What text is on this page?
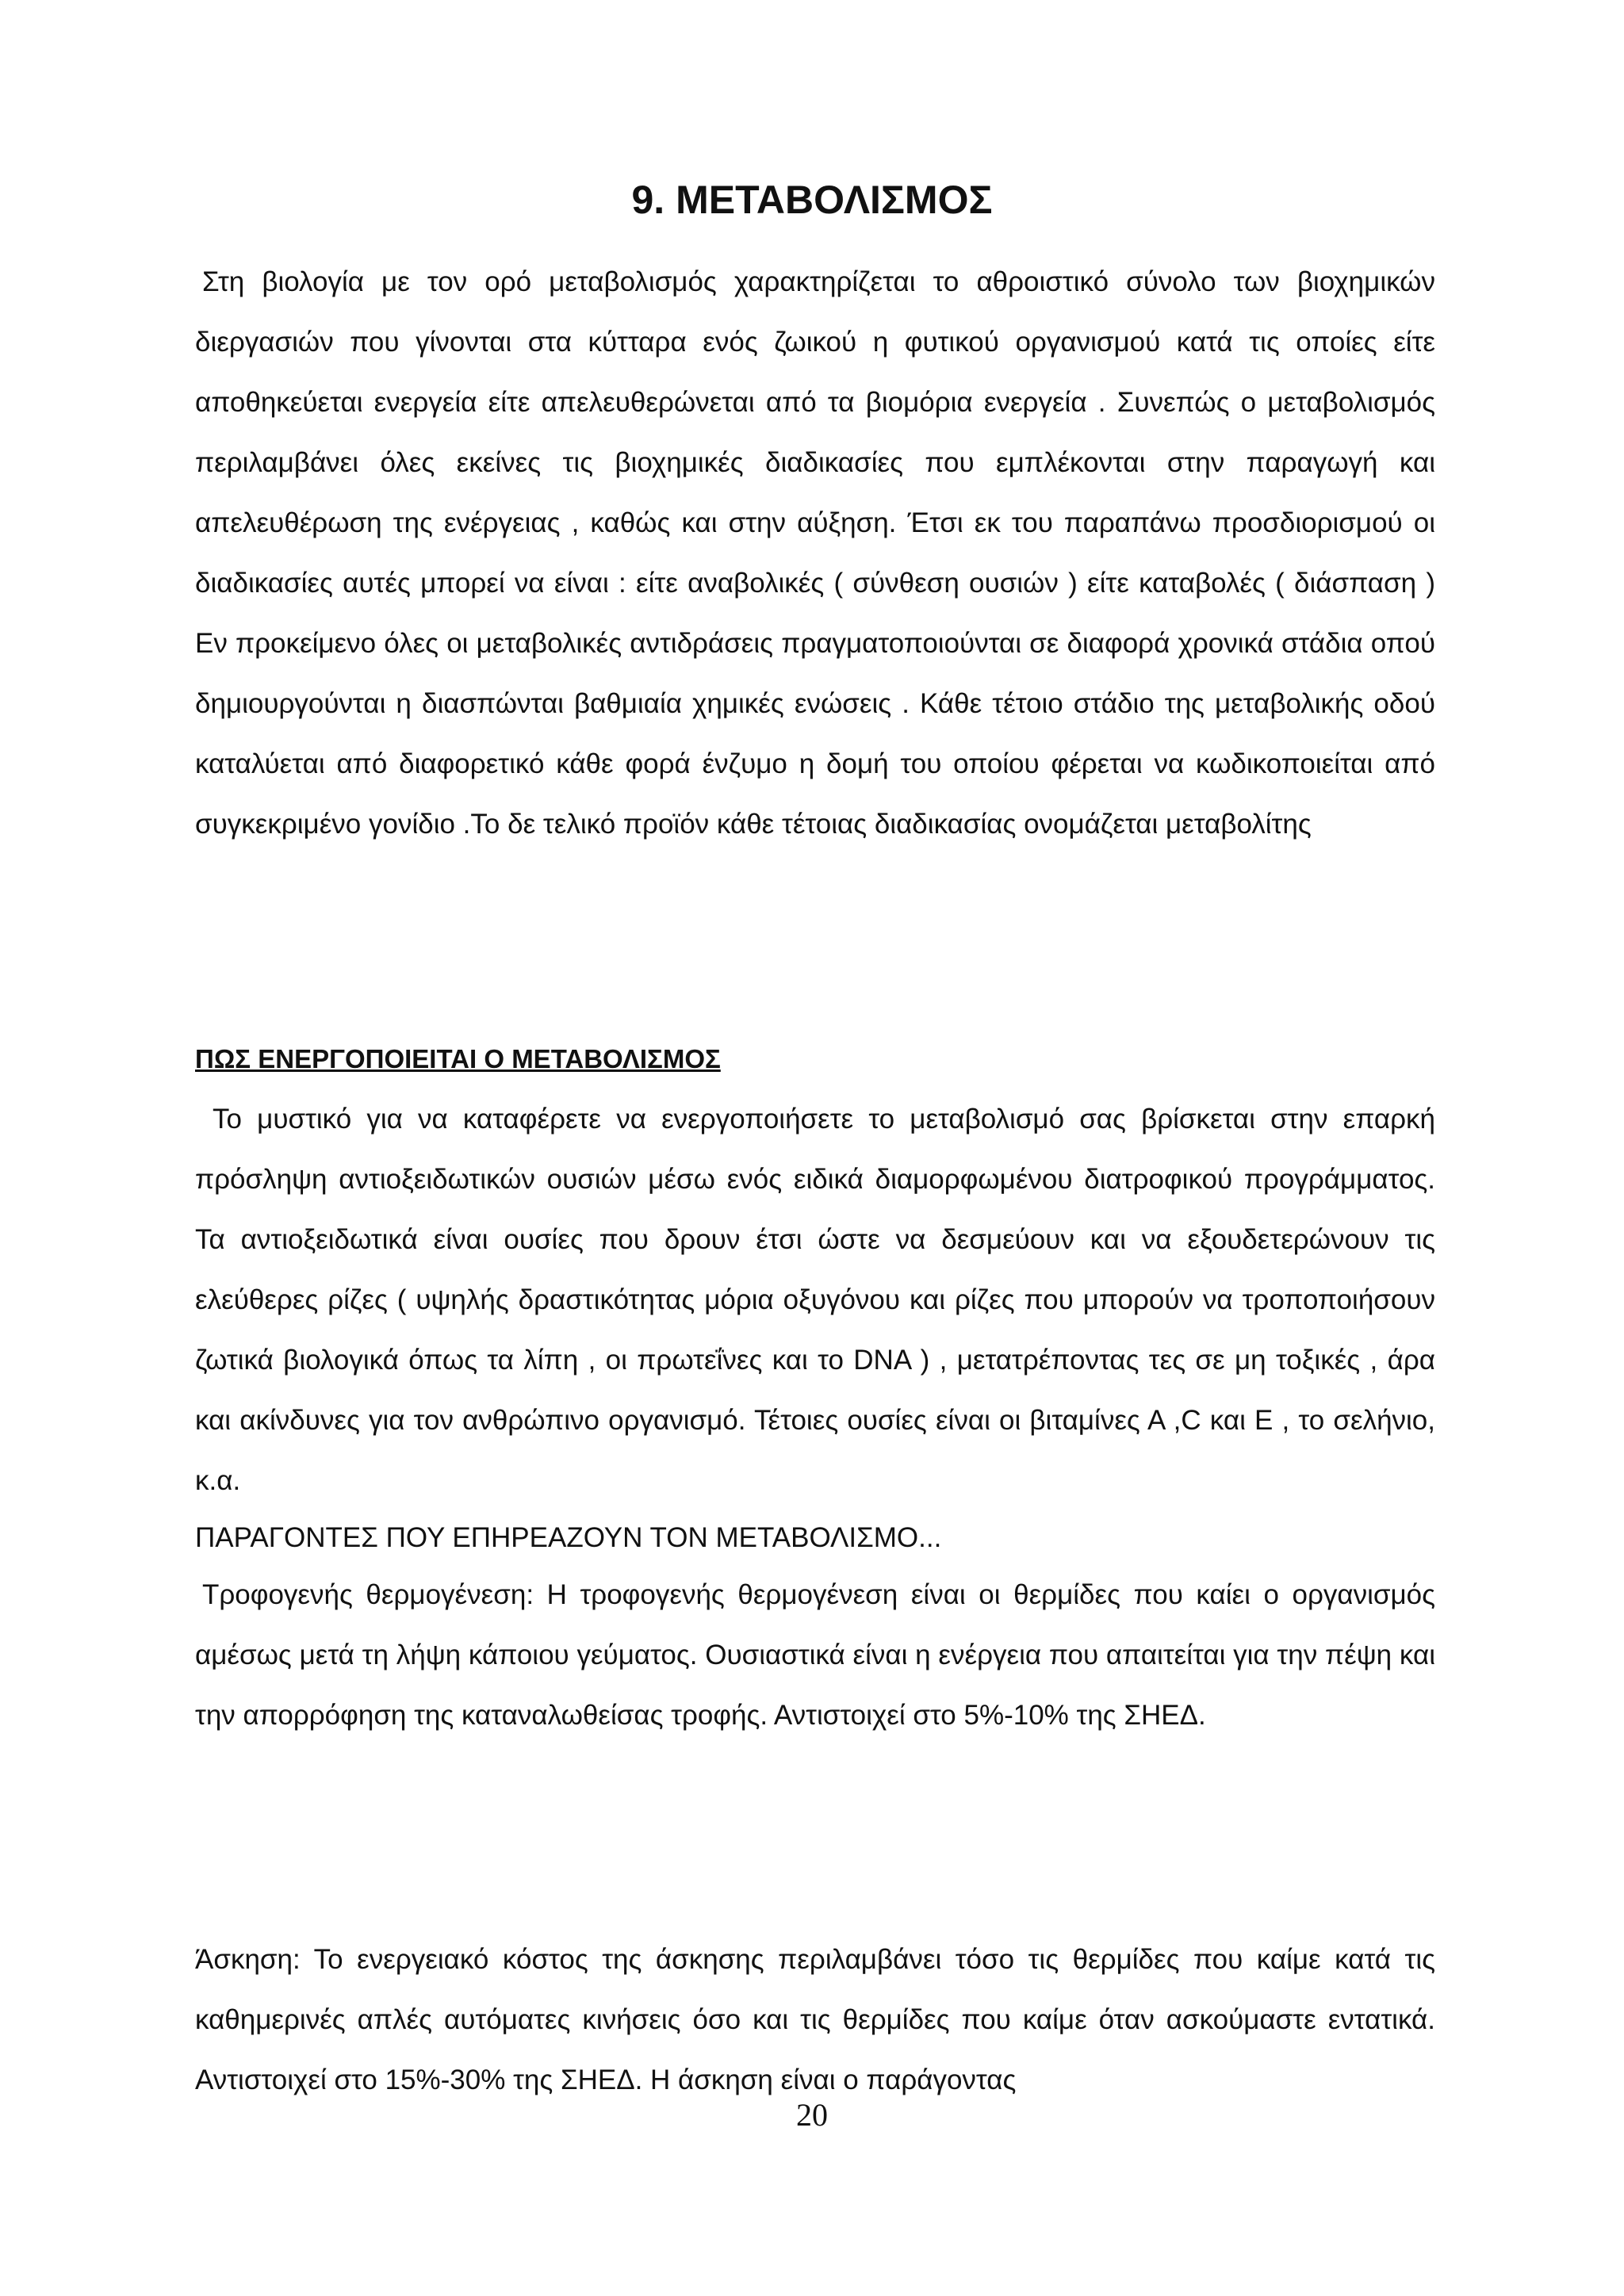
9. ΜΕΤΑΒΟΛΙΣΜΟΣ

Στη βιολογία με τον ορό μεταβολισμός χαρακτηρίζεται το αθροιστικό σύνολο των βιοχημικών διεργασιών που γίνονται στα κύτταρα ενός ζωικού η φυτικού οργανισμού κατά τις οποίες είτε αποθηκεύεται ενεργεία είτε απελευθερώνεται από τα βιομόρια ενεργεία . Συνεπώς ο μεταβολισμός περιλαμβάνει όλες εκείνες τις βιοχημικές διαδικασίες που εμπλέκονται στην παραγωγή και απελευθέρωση της ενέργειας , καθώς και στην αύξηση. Έτσι εκ του παραπάνω προσδιορισμού οι διαδικασίες αυτές μπορεί να είναι : είτε αναβολικές ( σύνθεση ουσιών ) είτε καταβολές ( διάσπαση ) Εν προκείμενο όλες οι μεταβολικές αντιδράσεις πραγματοποιούνται σε διαφορά χρονικά στάδια οπού δημιουργούνται η διασπώνται βαθμιαία χημικές ενώσεις . Κάθε τέτοιο στάδιο της μεταβολικής οδού καταλύεται από διαφορετικό κάθε φορά ένζυμο η δομή του οποίου φέρεται να κωδικοποιείται από συγκεκριμένο γονίδιο .Το δε τελικό προϊόν κάθε τέτοιας διαδικασίας ονομάζεται μεταβολίτης

ΠΩΣ ΕΝΕΡΓΟΠΟΙΕΙΤΑΙ Ο ΜΕΤΑΒΟΛΙΣΜΟΣ

Το μυστικό για να καταφέρετε να ενεργοποιήσετε το μεταβολισμό σας βρίσκεται στην επαρκή πρόσληψη αντιοξειδωτικών ουσιών μέσω ενός ειδικά διαμορφωμένου διατροφικού προγράμματος. Τα αντιοξειδωτικά είναι ουσίες που δρουν έτσι ώστε να δεσμεύουν και να εξουδετερώνουν τις ελεύθερες ρίζες ( υψηλής δραστικότητας μόρια οξυγόνου και ρίζες που μπορούν να τροποποιήσουν ζωτικά βιολογικά όπως τα λίπη , οι πρωτεΐνες και το DNA ) , μετατρέποντας τες σε μη τοξικές , άρα και ακίνδυνες για τον ανθρώπινο οργανισμό. Τέτοιες ουσίες είναι οι βιταμίνες Α ,C και Ε , το σελήνιο, κ.α.

ΠΑΡΑΓΟΝΤΕΣ ΠΟΥ ΕΠΗΡΕΑΖΟΥΝ ΤΟΝ ΜΕΤΑΒΟΛΙΣΜΟ...

Τροφογενής θερμογένεση: Η τροφογενής θερμογένεση είναι οι θερμίδες που καίει ο οργανισμός αμέσως μετά τη λήψη κάποιου γεύματος. Ουσιαστικά είναι η ενέργεια που απαιτείται για την πέψη και την απορρόφηση της καταναλωθείσας τροφής. Αντιστοιχεί στο 5%-10% της ΣΗΕΔ.

Άσκηση: Το ενεργειακό κόστος της άσκησης περιλαμβάνει τόσο τις θερμίδες που καίμε κατά τις καθημερινές απλές αυτόματες κινήσεις όσο και τις θερμίδες που καίμε όταν ασκούμαστε εντατικά. Αντιστοιχεί στο 15%-30% της ΣΗΕΔ. Η άσκηση είναι ο παράγοντας

20
